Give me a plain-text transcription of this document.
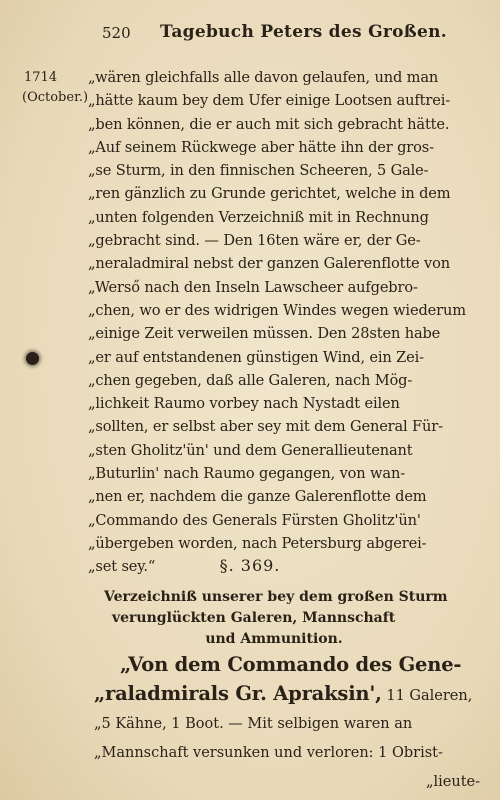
520 Tagebuch Peters des Großen.
1714
(October.)
„wären gleichfalls alle davon gelaufen, und man
„hätte kaum bey dem Ufer einige Lootsen auftrei-
„ben können, die er auch mit sich gebracht hätte.
„Auf seinem Rückwege aber hätte ihn der gros-
„se Sturm, in den finnischen Scheeren, 5 Gale-
„ren gänzlich zu Grunde gerichtet, welche in dem
„unten folgenden Verzeichniß mit in Rechnung
„gebracht sind. — Den 16ten wäre er, der Ge-
„neraladmiral nebst der ganzen Galerenflotte von
„Werső nach den Inseln Lawscheer aufgebro-
„chen, wo er des widrigen Windes wegen wiederum
„einige Zeit verweilen müssen. Den 28sten habe
„er auf entstandenen günstigen Wind, ein Zei-
„chen gegeben, daß alle Galeren, nach Mög-
„lichkeit Raumo vorbey nach Nystadt eilen
„sollten, er selbst aber sey mit dem General Für-
„sten Gholitz'ün' und dem Generallieutenant
„Buturlin' nach Raumo gegangen, von wan-
„nen er, nachdem die ganze Galerenflotte dem
„Commando des Generals Fürsten Gholitz'ün'
„übergeben worden, nach Petersburg abgerei-
„set sey.“	§. 369.
Verzeichniß unserer bey dem großen Sturm
verunglückten Galeren, Mannschaft
und Ammunition.
„Von dem Commando des Gene-
„raladmirals Gr. Apraksin', 11 Galeren,
„5 Kähne, 1 Boot. — Mit selbigen waren an
„Mannschaft versunken und verloren: 1 Obrist-
„lieute-
